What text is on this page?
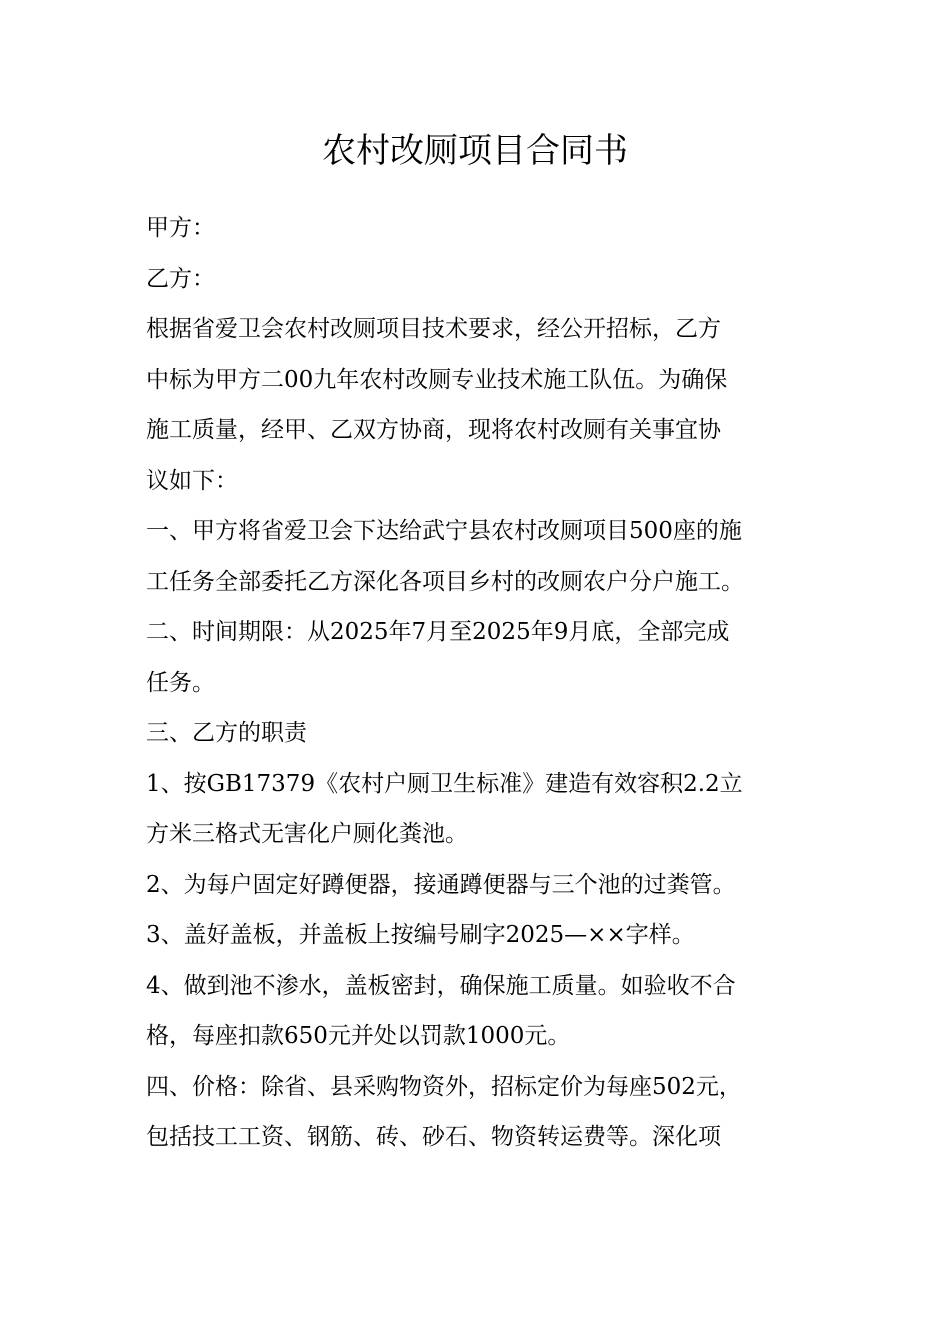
农村改厕项目合同书
甲方：
乙方：
根据省爱卫会农村改厕项目技术要求，经公开招标，乙方
中标为甲方二00九年农村改厕专业技术施工队伍。为确保
施工质量，经甲、乙双方协商，现将农村改厕有关事宜协
议如下：
一、甲方将省爱卫会下达给武宁县农村改厕项目500座的施
工任务全部委托乙方深化各项目乡村的改厕农户分户施工。
二、时间期限：从2025年7月至2025年9月底，全部完成
任务。
三、乙方的职责
1、按GB17379《农村户厕卫生标准》建造有效容积2.2立
方米三格式无害化户厕化粪池。
2、为每户固定好蹲便器，接通蹲便器与三个池的过粪管。
3、盖好盖板，并盖板上按编号刷字2025—××字样。
4、做到池不渗水，盖板密封，确保施工质量。如验收不合
格，每座扣款650元并处以罚款1000元。
四、价格：除省、县采购物资外，招标定价为每座502元，
包括技工工资、钢筋、砖、砂石、物资转运费等。深化项
